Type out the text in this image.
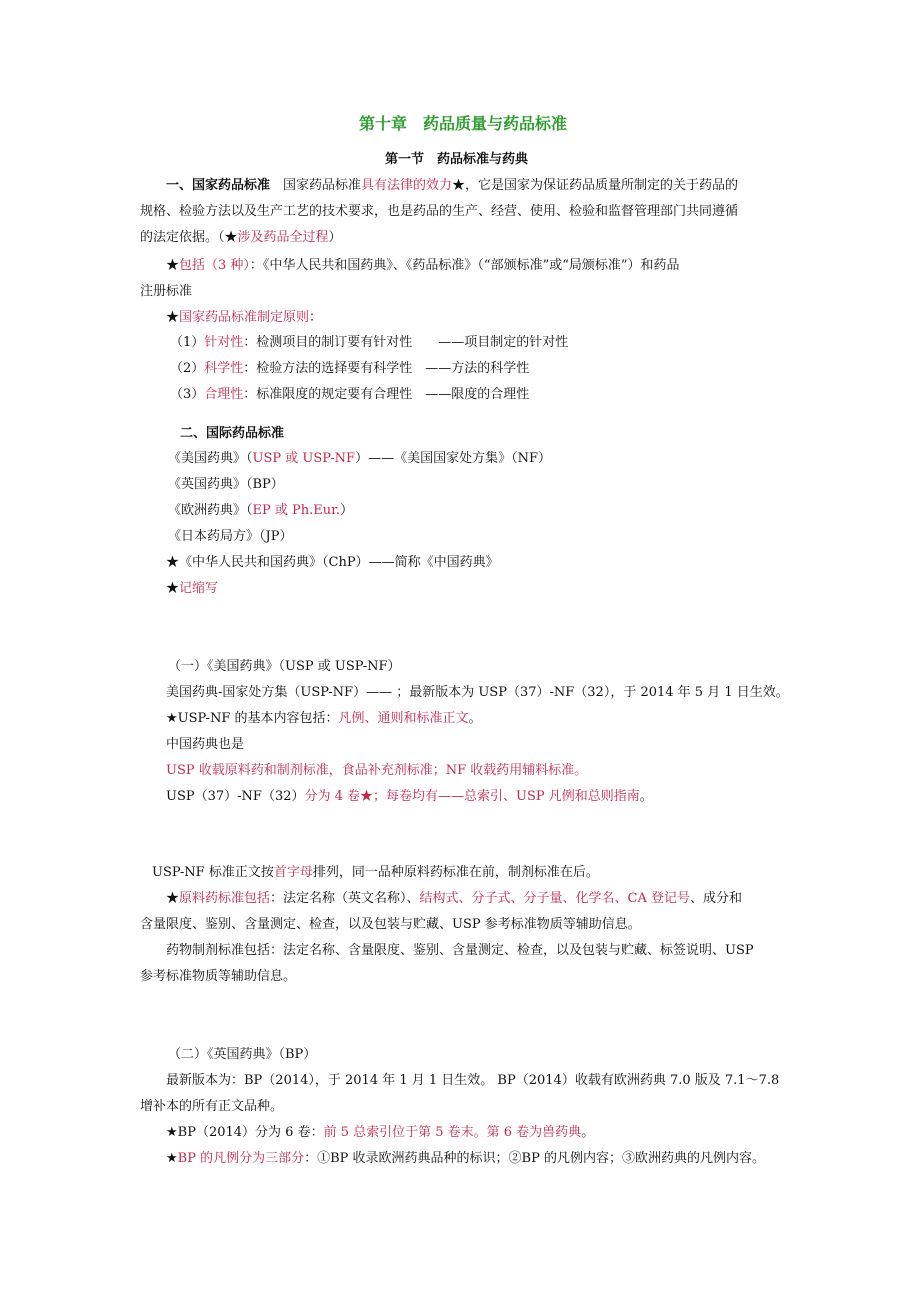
第十章　药品质量与药品标准
第一节　药品标准与药典
一、国家药品标准　国家药品标准具有法律的效力★，它是国家为保证药品质量所制定的关于药品的
规格、检验方法以及生产工艺的技术要求，也是药品的生产、经营、使用、检验和监督管理部门共同遵循
的法定依据。（★涉及药品全过程）
★包括（3 种）：《中华人民共和国药典》、《药品标准》（“部颁标准”或“局颁标准”）和药品
注册标准
★国家药品标准制定原则：
（1）针对性：检测项目的制订要有针对性　　——项目制定的针对性
（2）科学性：检验方法的选择要有科学性　——方法的科学性
（3）合理性：标准限度的规定要有合理性　——限度的合理性
二、国际药品标准
《美国药典》（USP 或 USP-NF）——《美国国家处方集》（NF）
《英国药典》（BP）
《欧洲药典》（EP 或 Ph.Eur.）
《日本药局方》（JP）
★《中华人民共和国药典》（ChP）——简称《中国药典》
★记缩写
（一）《美国药典》（USP 或 USP-NF）
美国药典-国家处方集（USP-NF）—— ；最新版本为 USP（37）-NF（32），于 2014 年 5 月 1 日生效。
★USP-NF 的基本内容包括：凡例、通则和标准正文。
中国药典也是
USP 收载原料药和制剂标准，食品补充剂标准；NF 收载药用辅料标准。
USP（37）-NF（32）分为 4 卷★；每卷均有——总索引、USP 凡例和总则指南。
USP-NF 标准正文按首字母排列，同一品种原料药标准在前，制剂标准在后。
★原料药标准包括：法定名称（英文名称）、结构式、分子式、分子量、化学名、CA 登记号、成分和
含量限度、鉴别、含量测定、检查，以及包装与贮藏、USP 参考标准物质等辅助信息。
药物制剂标准包括：法定名称、含量限度、鉴别、含量测定、检查，以及包装与贮藏、标签说明、USP
参考标准物质等辅助信息。
（二）《英国药典》（BP）
最新版本为：BP（2014），于 2014 年 1 月 1 日生效。 BP（2014）收载有欧洲药典 7.0 版及 7.1～7.8
增补本的所有正文品种。
★BP（2014）分为 6 卷：前 5 总索引位于第 5 卷末。第 6 卷为兽药典。
★BP 的凡例分为三部分：①BP 收录欧洲药典品种的标识；②BP 的凡例内容；③欧洲药典的凡例内容。
